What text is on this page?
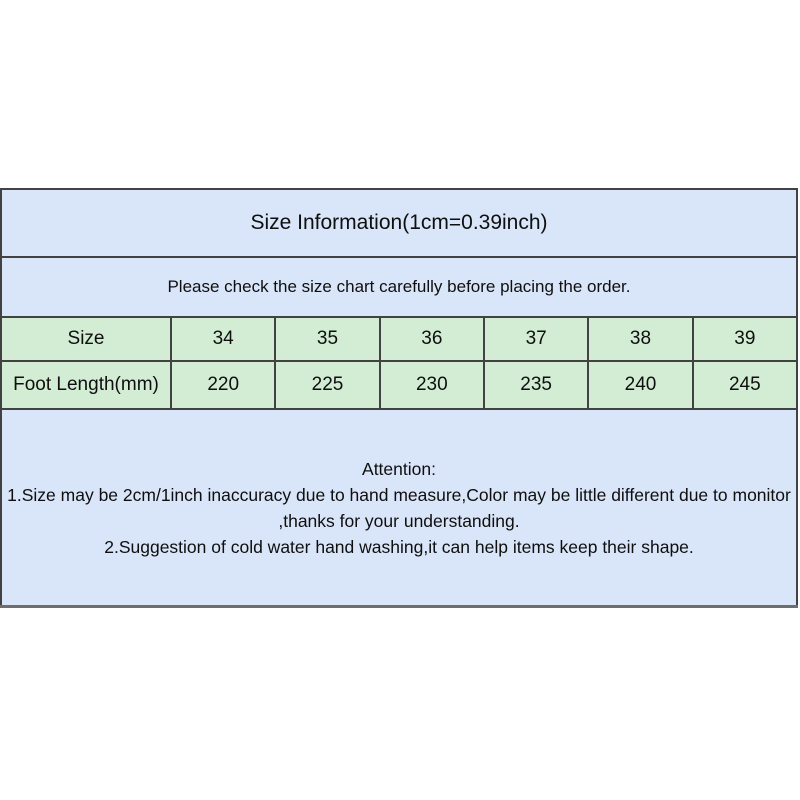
Size Information(1cm=0.39inch)						
Please check the size chart carefully before placing the order.						
Size	34	35	36	37	38	39
Foot Length(mm)	220	225	230	235	240	245

Attention:
1.Size may be 2cm/1inch inaccuracy due to hand measure,Color may be little different due to monitor ,thanks for your understanding.
2.Suggestion of cold water hand washing,it can help items keep their shape.						
